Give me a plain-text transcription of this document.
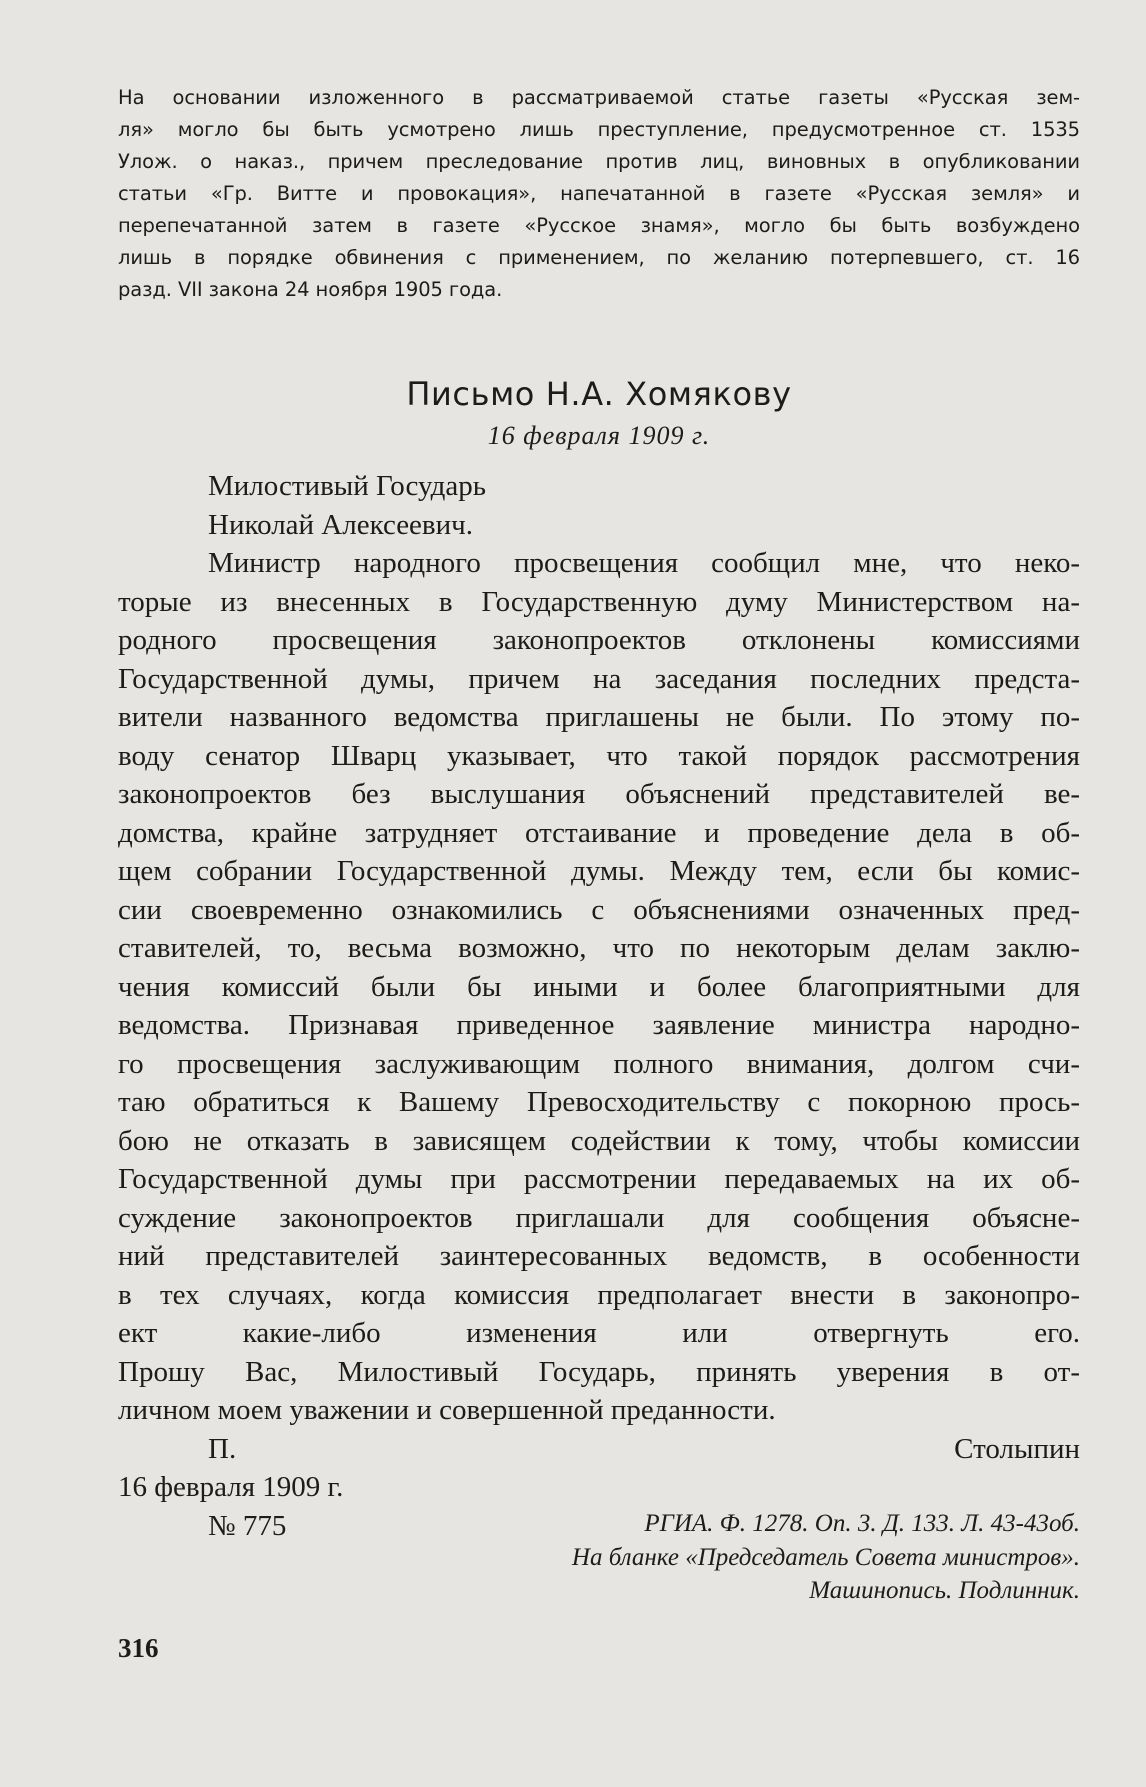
На основании изложенного в рассматриваемой статье газеты «Русская зем-
ля» могло бы быть усмотрено лишь преступление, предусмотренное ст. 1535
Улож. о наказ., причем преследование против лиц, виновных в опубликовании
статьи «Гр. Витте и провокация», напечатанной в газете «Русская земля» и
перепечатанной затем в газете «Русское знамя», могло бы быть возбуждено
лишь в порядке обвинения с применением, по желанию потерпевшего, ст. 16
разд. VII закона 24 ноября 1905 года.
Письмо Н.А. Хомякову
16 февраля 1909 г.
Милостивый Государь
Николай Алексеевич.
Министр народного просвещения сообщил мне, что неко-
торые из внесенных в Государственную думу Министерством на-
родного просвещения законопроектов отклонены комиссиями
Государственной думы, причем на заседания последних предста-
вители названного ведомства приглашены не были. По этому по-
воду сенатор Шварц указывает, что такой порядок рассмотрения
законопроектов без выслушания объяснений представителей ве-
домства, крайне затрудняет отстаивание и проведение дела в об-
щем собрании Государственной думы. Между тем, если бы комис-
сии своевременно ознакомились с объяснениями означенных пред-
ставителей, то, весьма возможно, что по некоторым делам заклю-
чения комиссий были бы иными и более благоприятными для
ведомства. Признавая приведенное заявление министра народно-
го просвещения заслуживающим полного внимания, долгом счи-
таю обратиться к Вашему Превосходительству с покорною прось-
бою не отказать в зависящем содействии к тому, чтобы комиссии
Государственной думы при рассмотрении передаваемых на их об-
суждение законопроектов приглашали для сообщения объясне-
ний представителей заинтересованных ведомств, в особенности
в тех случаях, когда комиссия предполагает внести в законопро-
ект какие-либо изменения или отвергнуть его.
Прошу Вас, Милостивый Государь, принять уверения в от-
личном моем уважении и совершенной преданности.
П. Столыпин
16 февраля 1909 г.
№ 775	РГИА. Ф. 1278. Оп. 3. Д. 133. Л. 43-43об.
На бланке «Председатель Совета министров».
Машинопись. Подлинник.
316
